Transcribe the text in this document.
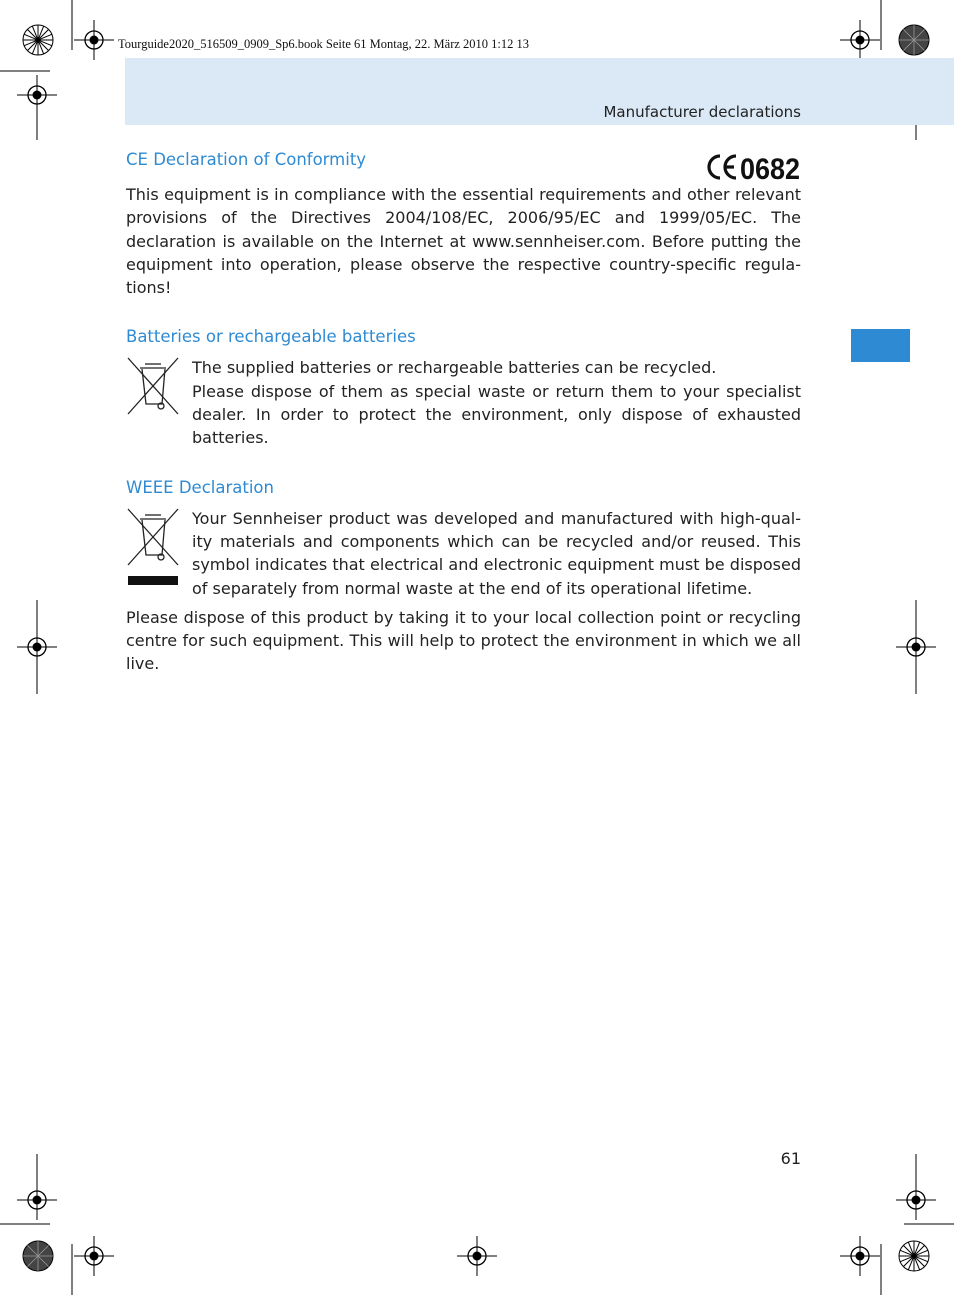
Tourguide2020_516509_0909_Sp6.book Seite 61 Montag, 22. März 2010 1:12 13
Manufacturer declarations
CE Declaration of Conformity	0682

This equipment is in compliance with the essential requirements and other relevant provisions of the Directives 2004/108/EC, 2006/95/EC and 1999/05/EC. The declaration is available on the Internet at www.sennheiser.com. Before putting the equipment into operation, please observe the respective country-specific regula-tions!

Batteries or rechargeable batteries

The supplied batteries or rechargeable batteries can be recycled.

Please dispose of them as special waste or return them to your specialist dealer. In order to protect the environment, only dispose of exhausted batteries.

WEEE Declaration

Your Sennheiser product was developed and manufactured with high-qual-ity materials and components which can be recycled and/or reused. This symbol indicates that electrical and electronic equipment must be disposed of separately from normal waste at the end of its operational lifetime.

Please dispose of this product by taking it to your local collection point or recycling centre for such equipment. This will help to protect the environment in which we all live.

61
